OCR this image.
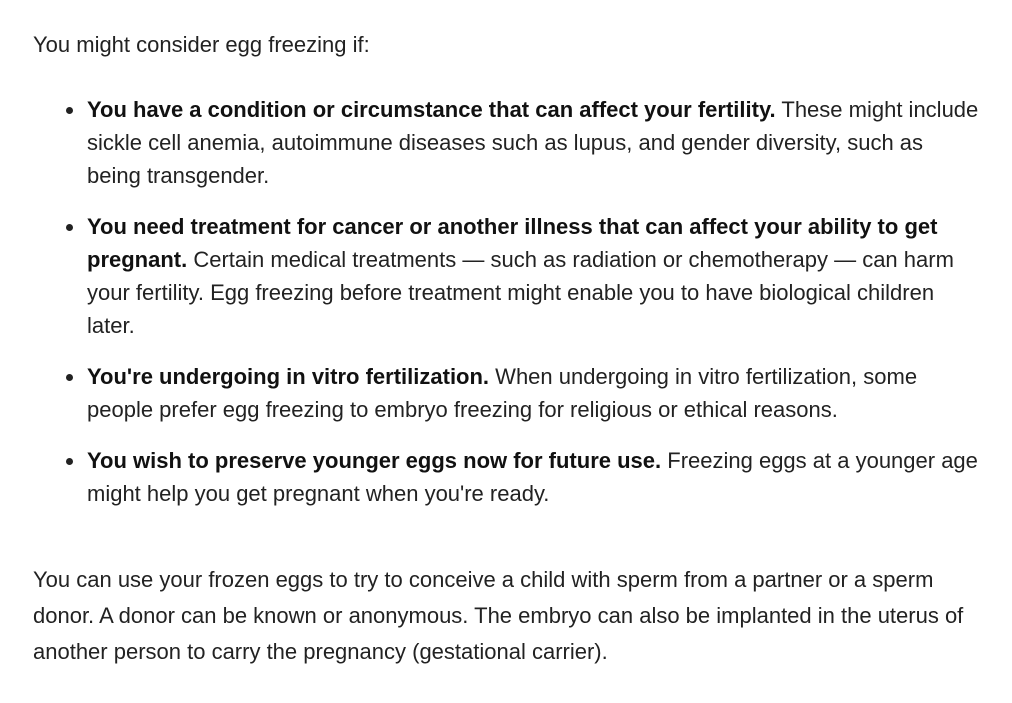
You might consider egg freezing if:

You have a condition or circumstance that can affect your fertility. These might include sickle cell anemia, autoimmune diseases such as lupus, and gender diversity, such as being transgender.
You need treatment for cancer or another illness that can affect your ability to get pregnant. Certain medical treatments — such as radiation or chemotherapy — can harm your fertility. Egg freezing before treatment might enable you to have biological children later.
You're undergoing in vitro fertilization. When undergoing in vitro fertilization, some people prefer egg freezing to embryo freezing for religious or ethical reasons.
You wish to preserve younger eggs now for future use. Freezing eggs at a younger age might help you get pregnant when you're ready.

You can use your frozen eggs to try to conceive a child with sperm from a partner or a sperm donor. A donor can be known or anonymous. The embryo can also be implanted in the uterus of another person to carry the pregnancy (gestational carrier).
